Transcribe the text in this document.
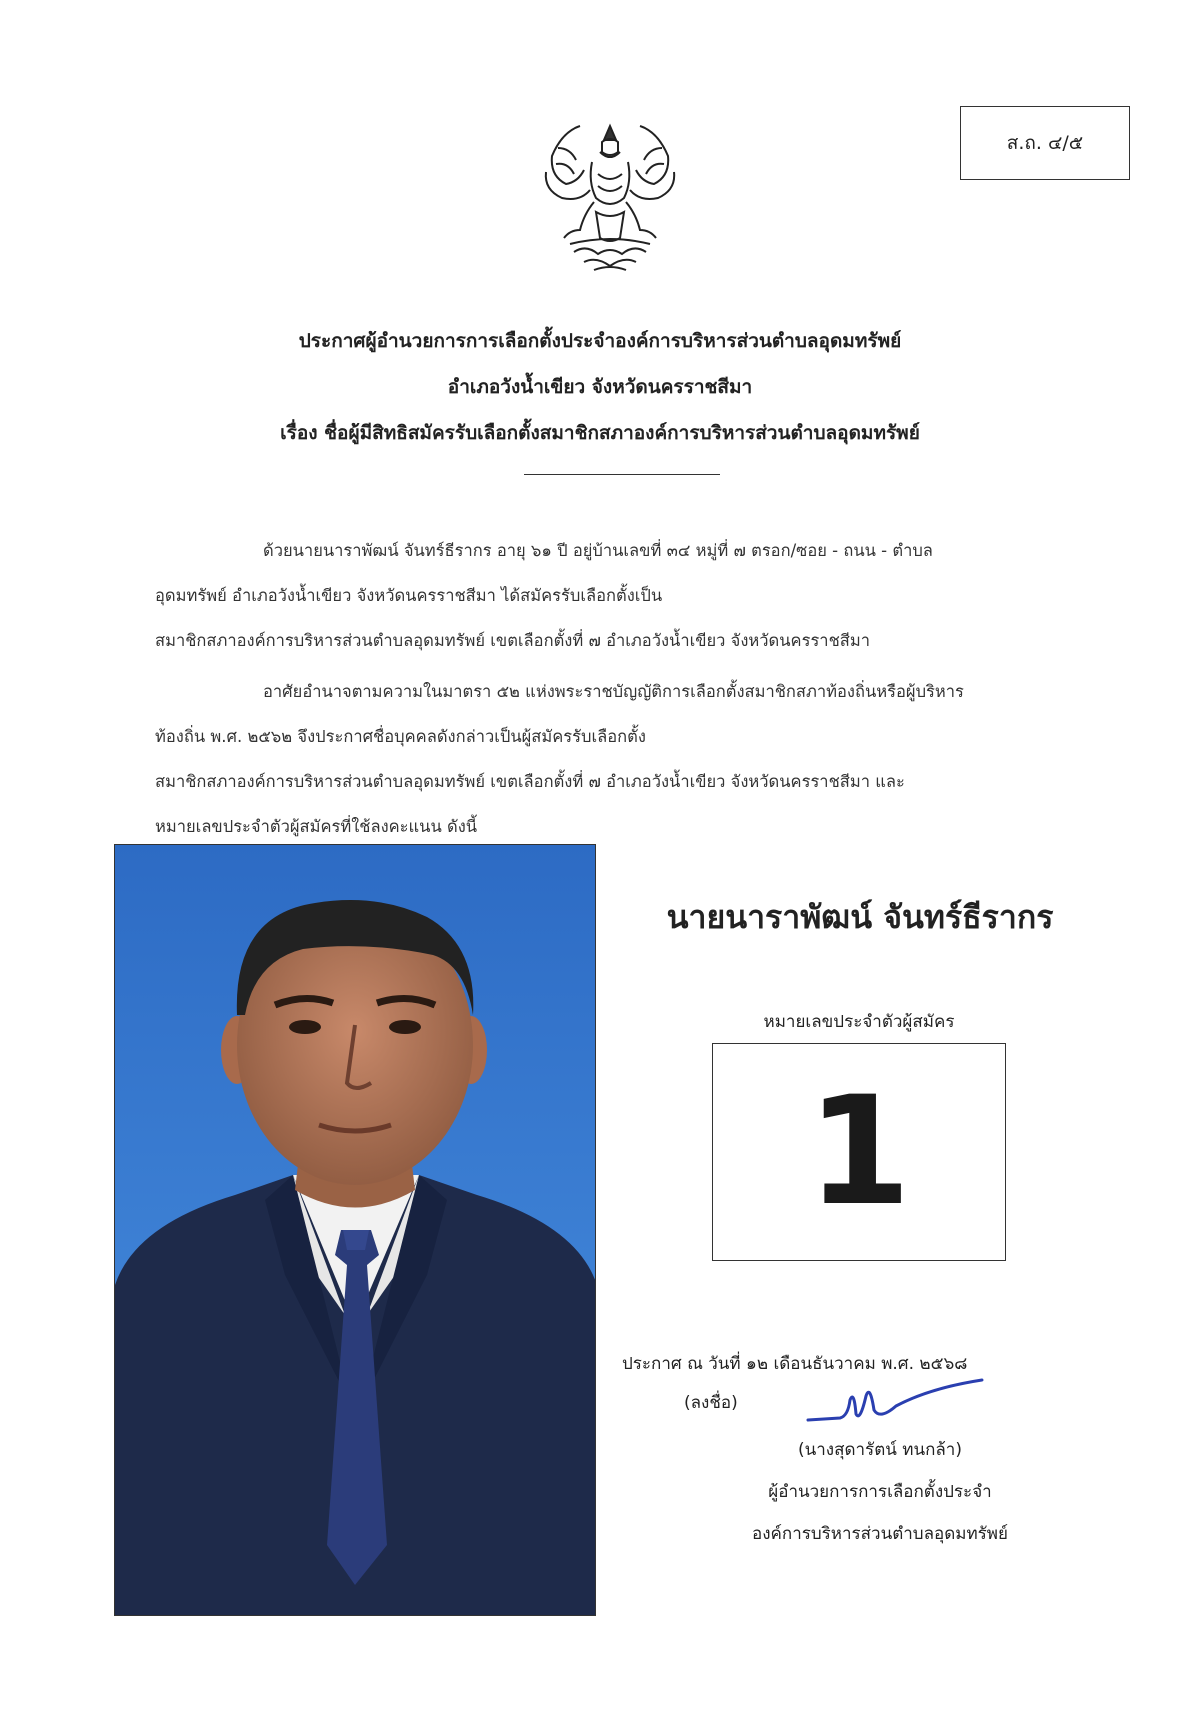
ส.ถ. ๔/๕
ประกาศผู้อำนวยการการเลือกตั้งประจำองค์การบริหารส่วนตำบลอุดมทรัพย์
อำเภอวังน้ำเขียว จังหวัดนครราชสีมา
เรื่อง ชื่อผู้มีสิทธิสมัครรับเลือกตั้งสมาชิกสภาองค์การบริหารส่วนตำบลอุดมทรัพย์

ด้วยนายนาราพัฒน์ จันทร์ธีรากร อายุ ๖๑ ปี อยู่บ้านเลขที่ ๓๔ หมู่ที่ ๗ ตรอก/ซอย - ถนน - ตำบล

อุดมทรัพย์ อำเภอวังน้ำเขียว จังหวัดนครราชสีมา ได้สมัครรับเลือกตั้งเป็น

สมาชิกสภาองค์การบริหารส่วนตำบลอุดมทรัพย์ เขตเลือกตั้งที่ ๗ อำเภอวังน้ำเขียว จังหวัดนครราชสีมา

อาศัยอำนาจตามความในมาตรา ๕๒ แห่งพระราชบัญญัติการเลือกตั้งสมาชิกสภาท้องถิ่นหรือผู้บริหาร

ท้องถิ่น พ.ศ. ๒๕๖๒ จึงประกาศชื่อบุคคลดังกล่าวเป็นผู้สมัครรับเลือกตั้ง

สมาชิกสภาองค์การบริหารส่วนตำบลอุดมทรัพย์ เขตเลือกตั้งที่ ๗ อำเภอวังน้ำเขียว จังหวัดนครราชสีมา และ

หมายเลขประจำตัวผู้สมัครที่ใช้ลงคะแนน ดังนี้

นายนาราพัฒน์ จันทร์ธีรากร
หมายเลขประจำตัวผู้สมัคร
1
ประกาศ ณ วันที่ ๑๒ เดือนธันวาคม พ.ศ. ๒๕๖๘
(ลงชื่อ)
(นางสุดารัตน์ ทนกล้า)
ผู้อำนวยการการเลือกตั้งประจำ
องค์การบริหารส่วนตำบลอุดมทรัพย์
